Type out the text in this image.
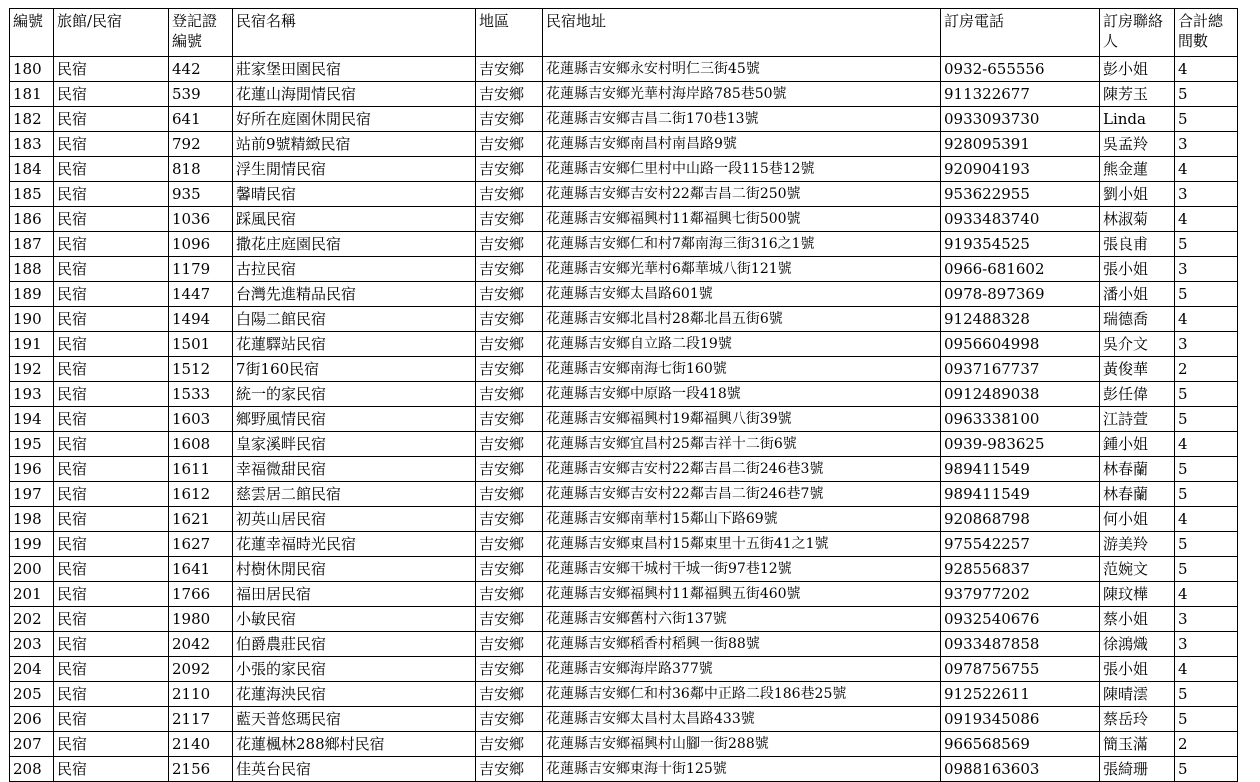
編號	旅館/民宿	登記證編號	民宿名稱	地區	民宿地址	訂房電話	訂房聯絡人	合計總間數
180	民宿	442	莊家堡田園民宿	吉安鄉	花蓮縣吉安鄉永安村明仁三街45號	0932-655556	彭小姐	4
181	民宿	539	花蓮山海閒情民宿	吉安鄉	花蓮縣吉安鄉光華村海岸路785巷50號	911322677	陳芳玉	5
182	民宿	641	好所在庭園休閒民宿	吉安鄉	花蓮縣吉安鄉吉昌二街170巷13號	0933093730	Linda	5
183	民宿	792	站前9號精緻民宿	吉安鄉	花蓮縣吉安鄉南昌村南昌路9號	928095391	吳孟羚	3
184	民宿	818	浮生閒情民宿	吉安鄉	花蓮縣吉安鄉仁里村中山路一段115巷12號	920904193	熊金蓮	4
185	民宿	935	馨晴民宿	吉安鄉	花蓮縣吉安鄉吉安村22鄰吉昌二街250號	953622955	劉小姐	3
186	民宿	1036	踩風民宿	吉安鄉	花蓮縣吉安鄉福興村11鄰福興七街500號	0933483740	林淑菊	4
187	民宿	1096	撒花庄庭園民宿	吉安鄉	花蓮縣吉安鄉仁和村7鄰南海三街316之1號	919354525	張良甫	5
188	民宿	1179	古拉民宿	吉安鄉	花蓮縣吉安鄉光華村6鄰華城八街121號	0966-681602	張小姐	3
189	民宿	1447	台灣先進精品民宿	吉安鄉	花蓮縣吉安鄉太昌路601號	0978-897369	潘小姐	5
190	民宿	1494	白陽二館民宿	吉安鄉	花蓮縣吉安鄉北昌村28鄰北昌五街6號	912488328	瑞德喬	4
191	民宿	1501	花蓮驛站民宿	吉安鄉	花蓮縣吉安鄉自立路二段19號	0956604998	吳介文	3
192	民宿	1512	7街160民宿	吉安鄉	花蓮縣吉安鄉南海七街160號	0937167737	黃俊華	2
193	民宿	1533	統一的家民宿	吉安鄉	花蓮縣吉安鄉中原路一段418號	0912489038	彭任偉	5
194	民宿	1603	鄉野風情民宿	吉安鄉	花蓮縣吉安鄉福興村19鄰福興八街39號	0963338100	江詩萱	5
195	民宿	1608	皇家溪畔民宿	吉安鄉	花蓮縣吉安鄉宜昌村25鄰吉祥十二街6號	0939-983625	鍾小姐	4
196	民宿	1611	幸福微甜民宿	吉安鄉	花蓮縣吉安鄉吉安村22鄰吉昌二街246巷3號	989411549	林春蘭	5
197	民宿	1612	慈雲居二館民宿	吉安鄉	花蓮縣吉安鄉吉安村22鄰吉昌二街246巷7號	989411549	林春蘭	5
198	民宿	1621	初英山居民宿	吉安鄉	花蓮縣吉安鄉南華村15鄰山下路69號	920868798	何小姐	4
199	民宿	1627	花蓮幸福時光民宿	吉安鄉	花蓮縣吉安鄉東昌村15鄰東里十五街41之1號	975542257	游美羚	5
200	民宿	1641	村樹休閒民宿	吉安鄉	花蓮縣吉安鄉干城村干城一街97巷12號	928556837	范婉文	5
201	民宿	1766	福田居民宿	吉安鄉	花蓮縣吉安鄉福興村11鄰福興五街460號	937977202	陳玟樺	4
202	民宿	1980	小敏民宿	吉安鄉	花蓮縣吉安鄉舊村六街137號	0932540676	蔡小姐	3
203	民宿	2042	伯爵農莊民宿	吉安鄉	花蓮縣吉安鄉稻香村稻興一街88號	0933487858	徐鴻熾	3
204	民宿	2092	小張的家民宿	吉安鄉	花蓮縣吉安鄉海岸路377號	0978756755	張小姐	4
205	民宿	2110	花蓮海泱民宿	吉安鄉	花蓮縣吉安鄉仁和村36鄰中正路二段186巷25號	912522611	陳晴澐	5
206	民宿	2117	藍天普悠瑪民宿	吉安鄉	花蓮縣吉安鄉太昌村太昌路433號	0919345086	蔡岳玲	5
207	民宿	2140	花蓮楓林288鄉村民宿	吉安鄉	花蓮縣吉安鄉福興村山腳一街288號	966568569	簡玉滿	2
208	民宿	2156	佳英台民宿	吉安鄉	花蓮縣吉安鄉東海十街125號	0988163603	張綺珊	5
